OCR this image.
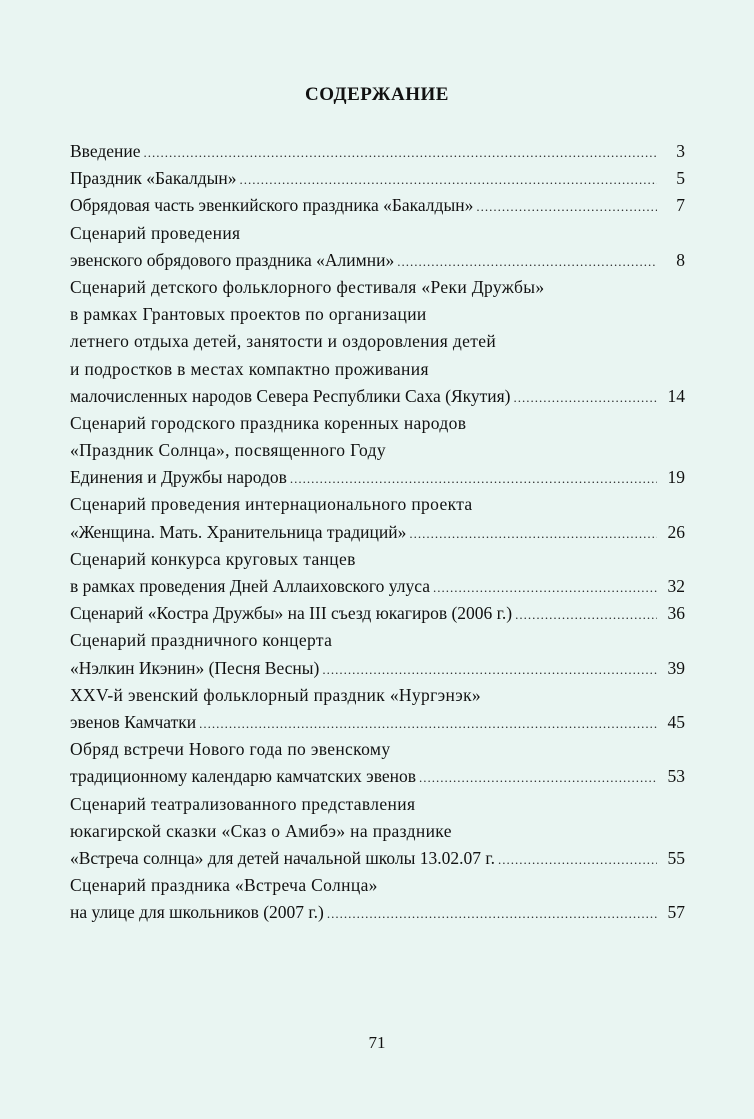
СОДЕРЖАНИЕ
Введение .....	3
Праздник «Бакалдын» .....	5
Обрядовая часть эвенкийского праздника «Бакалдын» .....	7
Сценарий проведения
эвенского обрядового праздника «Алимни» .....	8
Сценарий детского фольклорного фестиваля «Реки Дружбы»
в рамках Грантовых проектов по организации
летнего отдыха детей, занятости и оздоровления детей
и подростков в местах компактно проживания
малочисленных народов Севера Республики Саха (Якутия) .....	14
Сценарий городского праздника коренных народов
«Праздник Солнца», посвященного Году
Единения и Дружбы народов .....	19
Сценарий проведения интернационального проекта
«Женщина. Мать. Хранительница традиций» .....	26
Сценарий конкурса круговых танцев
в рамках проведения Дней Аллаиховского улуса .....	32
Сценарий «Костра Дружбы» на III съезд юкагиров (2006 г.) .....	36
Сценарий праздничного концерта
«Нэлкин Икэнин» (Песня Весны) .....	39
XXV-й эвенский фольклорный праздник «Нургэнэк»
эвенов Камчатки .....	45
Обряд встречи Нового года по эвенскому
традиционному календарю камчатских эвенов .....	53
Сценарий театрализованного представления
юкагирской сказки «Сказ о Амибэ» на празднике
«Встреча солнца» для детей начальной школы 13.02.07 г. .....	55
Сценарий праздника «Встреча Солнца»
на улице для школьников (2007 г.) .....	57
71
